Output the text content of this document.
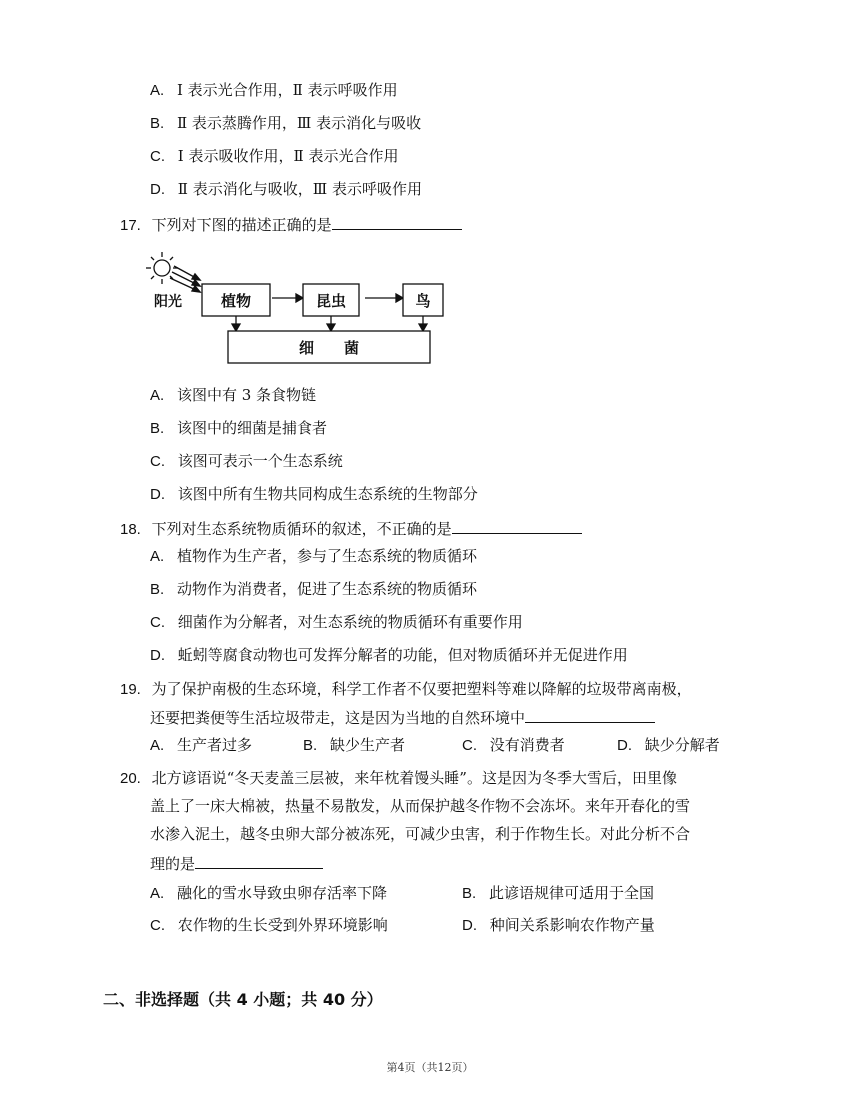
A. Ⅰ 表示光合作用，Ⅱ 表示呼吸作用
B. Ⅱ 表示蒸腾作用，Ⅲ 表示消化与吸收
C. Ⅰ 表示吸收作用，Ⅱ 表示光合作用
D. Ⅱ 表示消化与吸收，Ⅲ 表示呼吸作用
17. 下列对下图的描述正确的是
阳光	植物	昆虫	鸟
细　　菌
A. 该图中有 3 条食物链
B. 该图中的细菌是捕食者
C. 该图可表示一个生态系统
D. 该图中所有生物共同构成生态系统的生物部分
18. 下列对生态系统物质循环的叙述，不正确的是
A. 植物作为生产者，参与了生态系统的物质循环
B. 动物作为消费者，促进了生态系统的物质循环
C. 细菌作为分解者，对生态系统的物质循环有重要作用
D. 蚯蚓等腐食动物也可发挥分解者的功能，但对物质循环并无促进作用
19. 为了保护南极的生态环境，科学工作者不仅要把塑料等难以降解的垃圾带离南极，
还要把粪便等生活垃圾带走，这是因为当地的自然环境中
A. 生产者过多	B. 缺少生产者	C. 没有消费者	D. 缺少分解者
20. 北方谚语说“冬天麦盖三层被，来年枕着馒头睡”。这是因为冬季大雪后，田里像
盖上了一床大棉被，热量不易散发，从而保护越冬作物不会冻坏。来年开春化的雪
水渗入泥土，越冬虫卵大部分被冻死，可减少虫害，利于作物生长。对此分析不合
理的是
A. 融化的雪水导致虫卵存活率下降	B. 此谚语规律可适用于全国
C. 农作物的生长受到外界环境影响	D. 种间关系影响农作物产量
二、非选择题（共 4 小题；共 40 分）
第4页（共12页）
